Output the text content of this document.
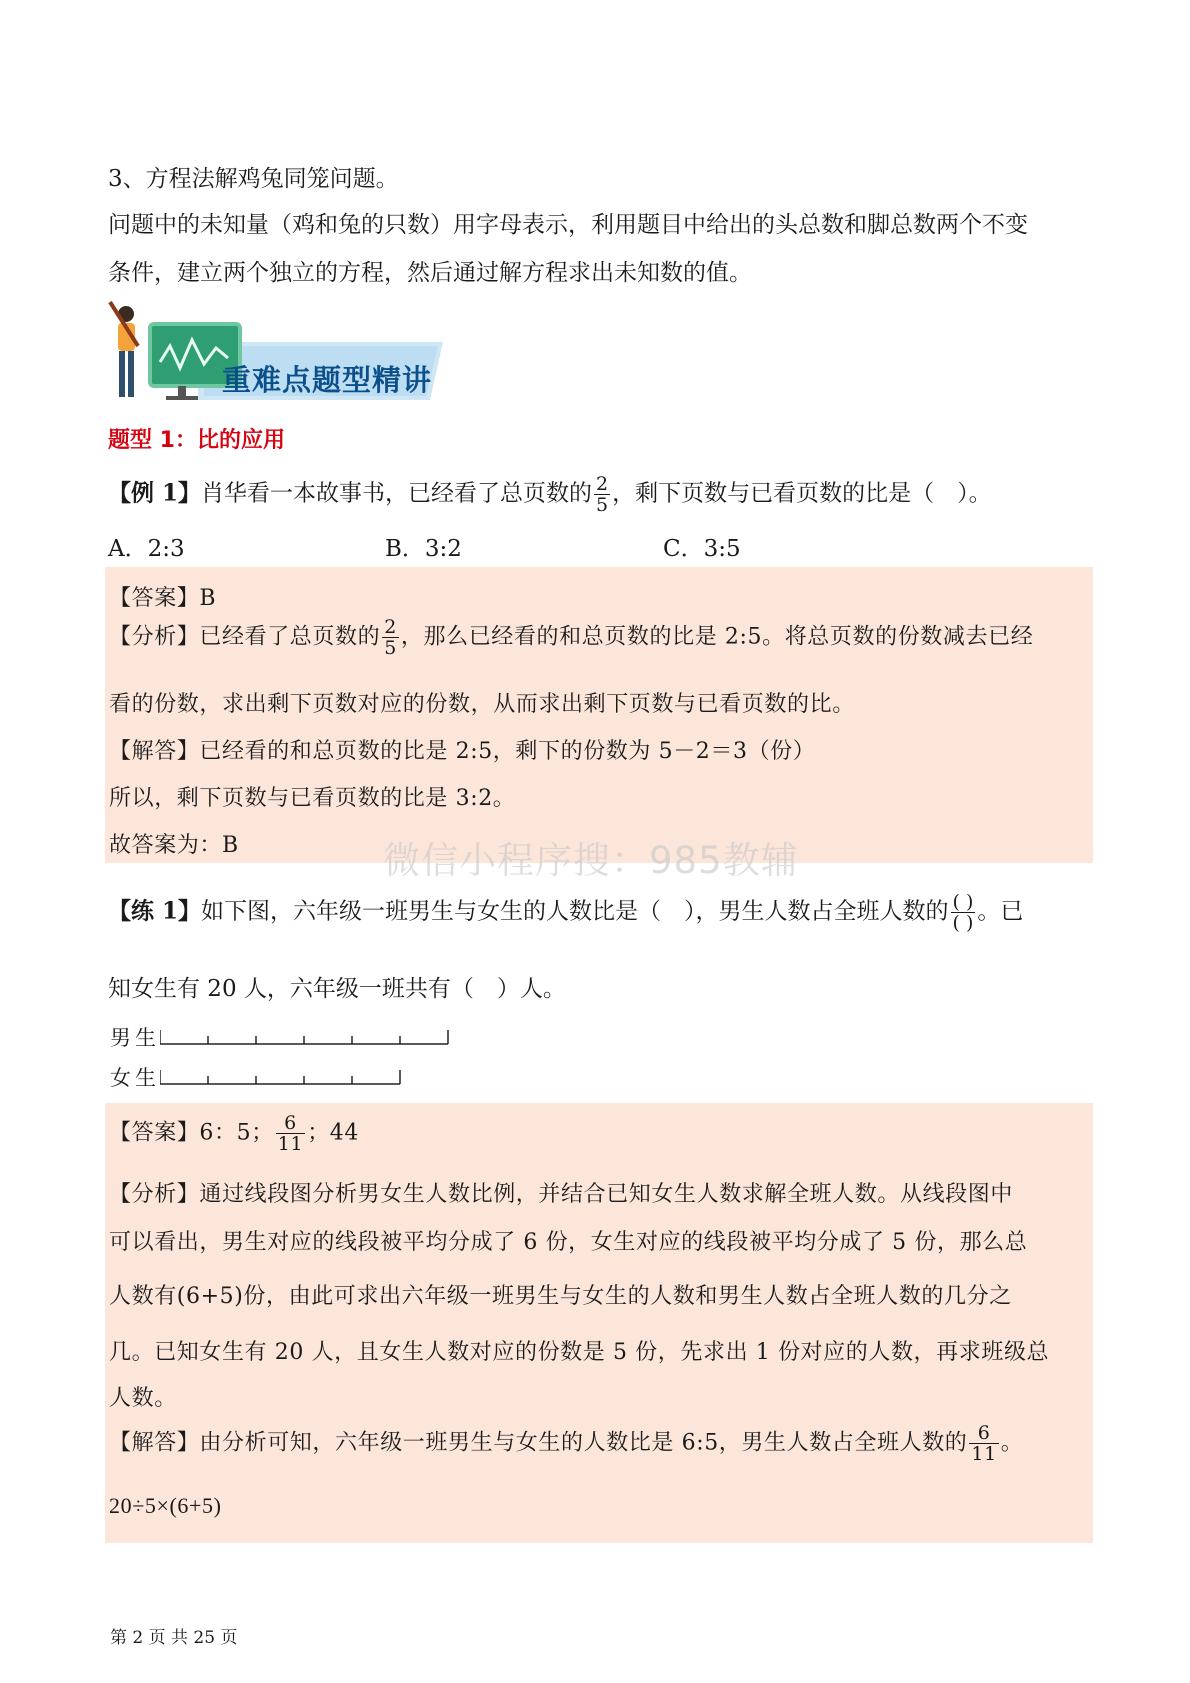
3、方程法解鸡兔同笼问题。
问题中的未知量（鸡和兔的只数）用字母表示，利用题目中给出的头总数和脚总数两个不变
条件，建立两个独立的方程，然后通过解方程求出未知数的值。
重难点题型精讲
题型 1：比的应用
【例 1】肖华看一本故事书，已经看了总页数的 $\frac{2}{5}$ ，剩下页数与已看页数的比是（　）。
A．2:3	B．3:2	C．3:5
【答案】B
【分析】已经看了总页数的 $\frac{2}{5}$ ，那么已经看的和总页数的比是 2:5。将总页数的份数减去已经
看的份数，求出剩下页数对应的份数，从而求出剩下页数与已看页数的比。
【解答】已经看的和总页数的比是 2:5，剩下的份数为 5－2＝3（份）
所以，剩下页数与已看页数的比是 3:2。
故答案为：B	微信小程序搜：985教辅
【练 1】如下图，六年级一班男生与女生的人数比是（　），男生人数占全班人数的 $\frac{( )}{( )}$ 。已
知女生有 20 人，六年级一班共有（　）人。
男生
女生
【答案】6：5； $\frac{6}{11}$ ；44
【分析】通过线段图分析男女生人数比例，并结合已知女生人数求解全班人数。从线段图中
可以看出，男生对应的线段被平均分成了 6 份，女生对应的线段被平均分成了 5 份，那么总
人数有(6+5)份，由此可求出六年级一班男生与女生的人数和男生人数占全班人数的几分之
几。已知女生有 20 人，且女生人数对应的份数是 5 份，先求出 1 份对应的人数，再求班级总
人数。
【解答】由分析可知，六年级一班男生与女生的人数比是 6:5，男生人数占全班人数的 $\frac{6}{11}$ 。
20÷5×(6+5)
第 2 页 共 25 页
